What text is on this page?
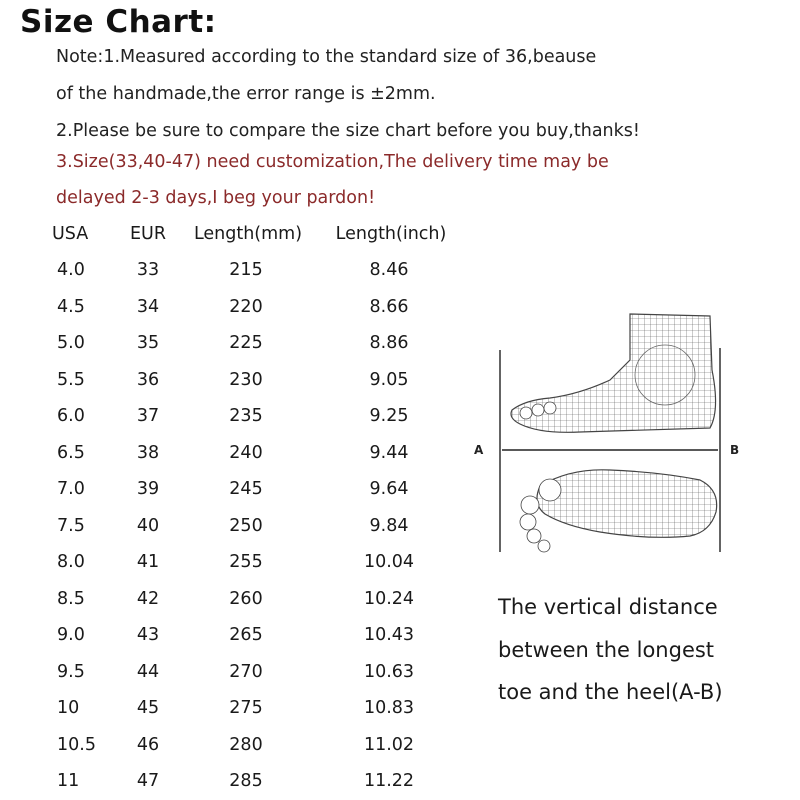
Size Chart:
Note:1.Measured according to the standard size of 36,beause
of the handmade,the error range is ±2mm.
2.Please be sure to compare the size chart before you buy,thanks!
3.Size(33,40-47) need customization,The delivery time may be
delayed 2-3 days,I beg your pardon!
USA	EUR	Length(mm)	Length(inch)
4.0	33	215	8.46
4.5	34	220	8.66
5.0	35	225	8.86
5.5	36	230	9.05
6.0	37	235	9.25
6.5	38	240	9.44
7.0	39	245	9.64
7.5	40	250	9.84
8.0	41	255	10.04
8.5	42	260	10.24
9.0	43	265	10.43
9.5	44	270	10.63
10	45	275	10.83
10.5	46	280	11.02
11	47	285	11.22
A	B
The vertical distance
between the longest
toe and the heel(A-B)
